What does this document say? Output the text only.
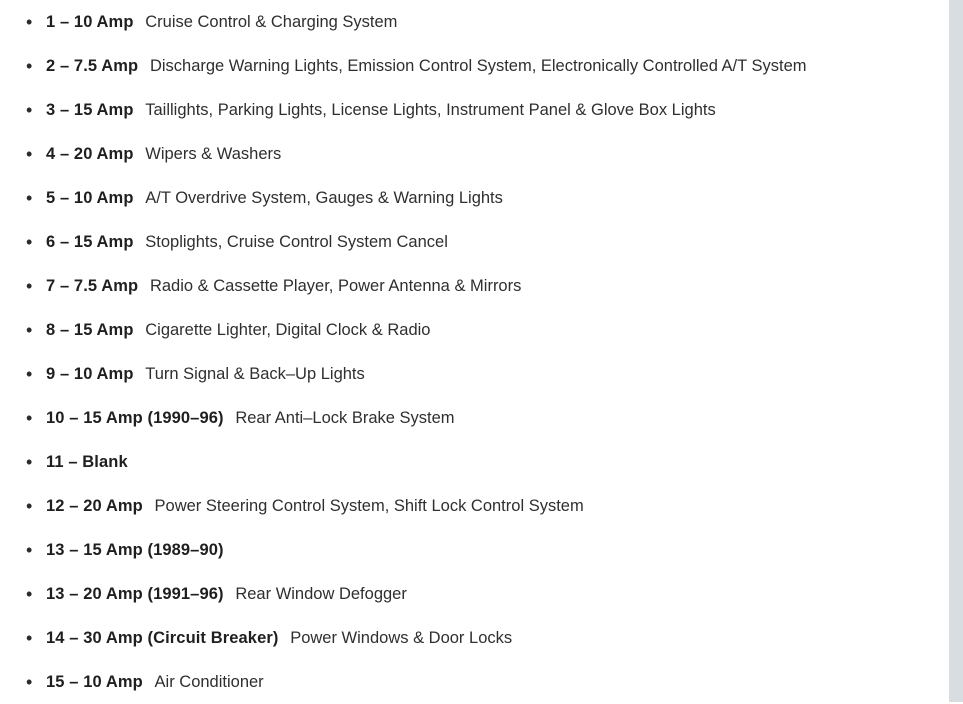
• 1 – 10 Amp Cruise Control & Charging System
• 2 – 7.5 Amp Discharge Warning Lights, Emission Control System, Electronically Controlled A/T System
• 3 – 15 Amp Taillights, Parking Lights, License Lights, Instrument Panel & Glove Box Lights
• 4 – 20 Amp Wipers & Washers
• 5 – 10 Amp A/T Overdrive System, Gauges & Warning Lights
• 6 – 15 Amp Stoplights, Cruise Control System Cancel
• 7 – 7.5 Amp Radio & Cassette Player, Power Antenna & Mirrors
• 8 – 15 Amp Cigarette Lighter, Digital Clock & Radio
• 9 – 10 Amp Turn Signal & Back–Up Lights
• 10 – 15 Amp (1990–96) Rear Anti–Lock Brake System
• 11 – Blank
• 12 – 20 Amp Power Steering Control System, Shift Lock Control System
• 13 – 15 Amp (1989–90)
• 13 – 20 Amp (1991–96) Rear Window Defogger
• 14 – 30 Amp (Circuit Breaker) Power Windows & Door Locks
• 15 – 10 Amp Air Conditioner
